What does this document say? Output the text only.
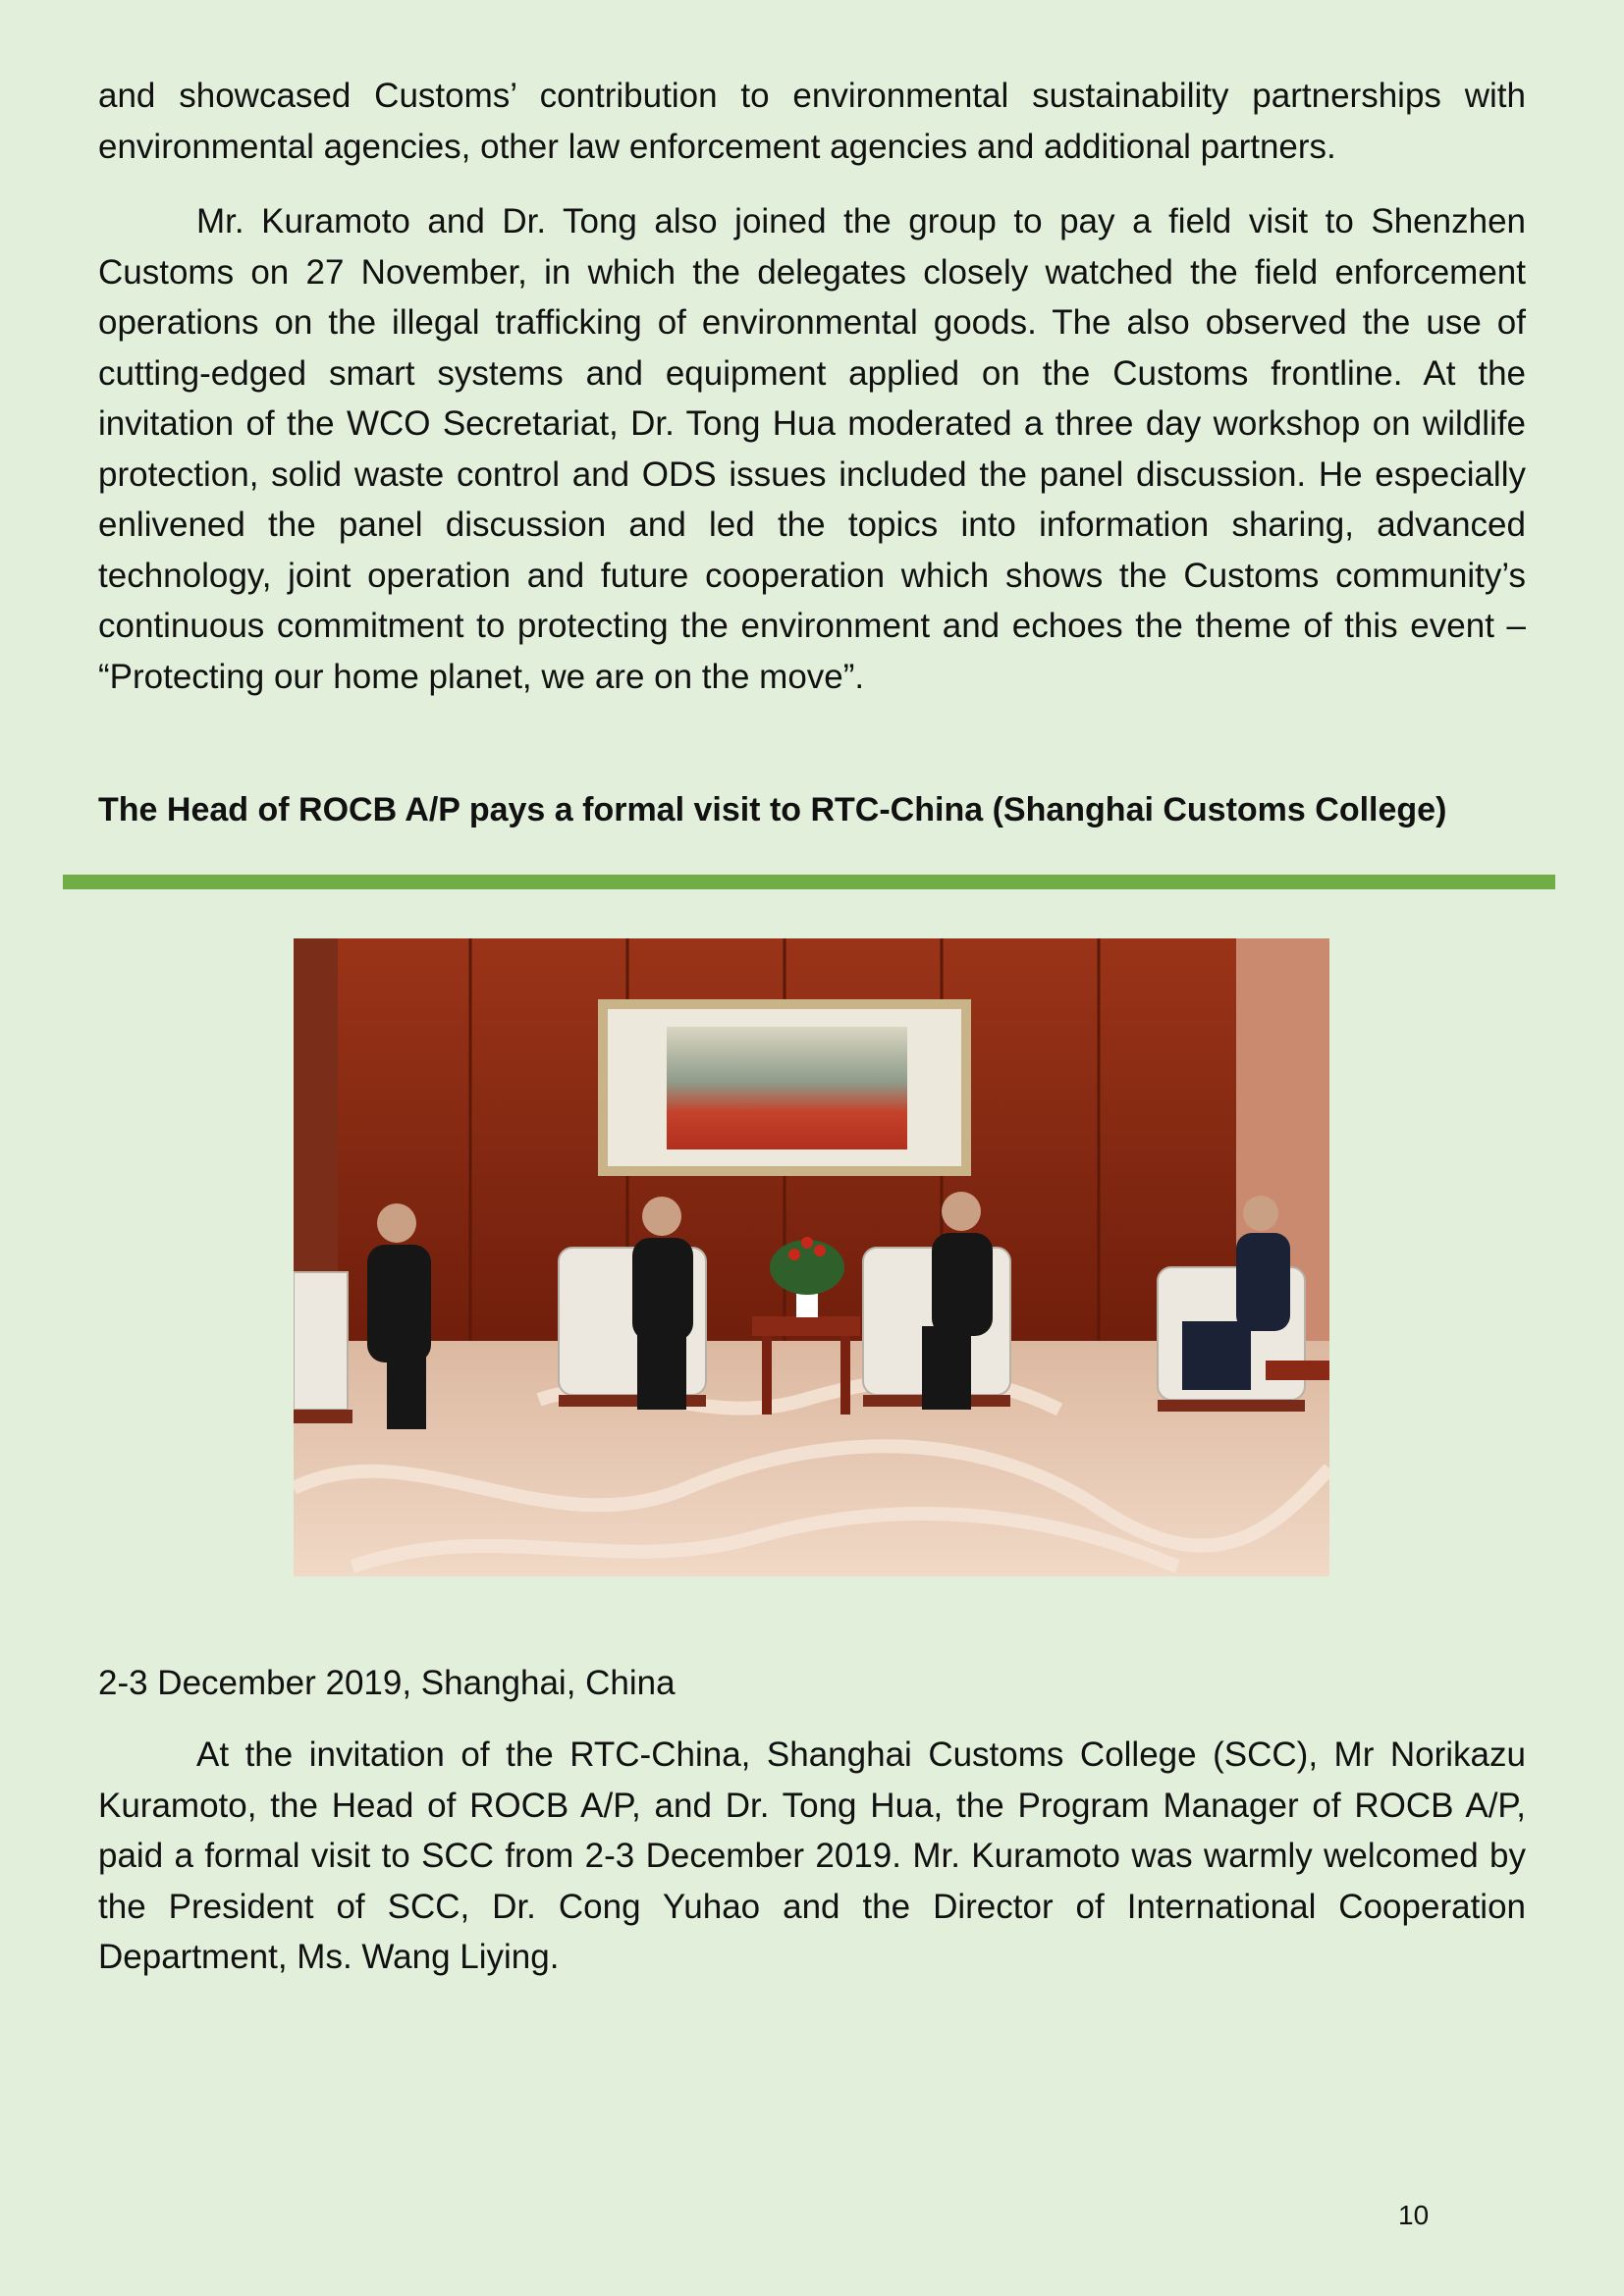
and showcased Customs’ contribution to environmental sustainability partnerships with environmental agencies, other law enforcement agencies and additional partners.

Mr. Kuramoto and Dr. Tong also joined the group to pay a field visit to Shenzhen Customs on 27 November, in which the delegates closely watched the field enforcement operations on the illegal trafficking of environmental goods. The also observed the use of cutting-edged smart systems and equipment applied on the Customs frontline. At the invitation of the WCO Secretariat, Dr. Tong Hua moderated a three day workshop on wildlife protection, solid waste control and ODS issues included the panel discussion. He especially enlivened the panel discussion and led the topics into information sharing, advanced technology, joint operation and future cooperation which shows the Customs community’s continuous commitment to protecting the environment and echoes the theme of this event – “Protecting our home planet, we are on the move”.

The Head of ROCB A/P pays a formal visit to RTC-China (Shanghai Customs College)

2-3 December 2019, Shanghai, China

At the invitation of the RTC-China, Shanghai Customs College (SCC), Mr Norikazu Kuramoto, the Head of ROCB A/P, and Dr. Tong Hua, the Program Manager of ROCB A/P, paid a formal visit to SCC from 2-3 December 2019. Mr. Kuramoto was warmly welcomed by the President of SCC, Dr. Cong Yuhao and the Director of International Cooperation Department, Ms. Wang Liying.

10
